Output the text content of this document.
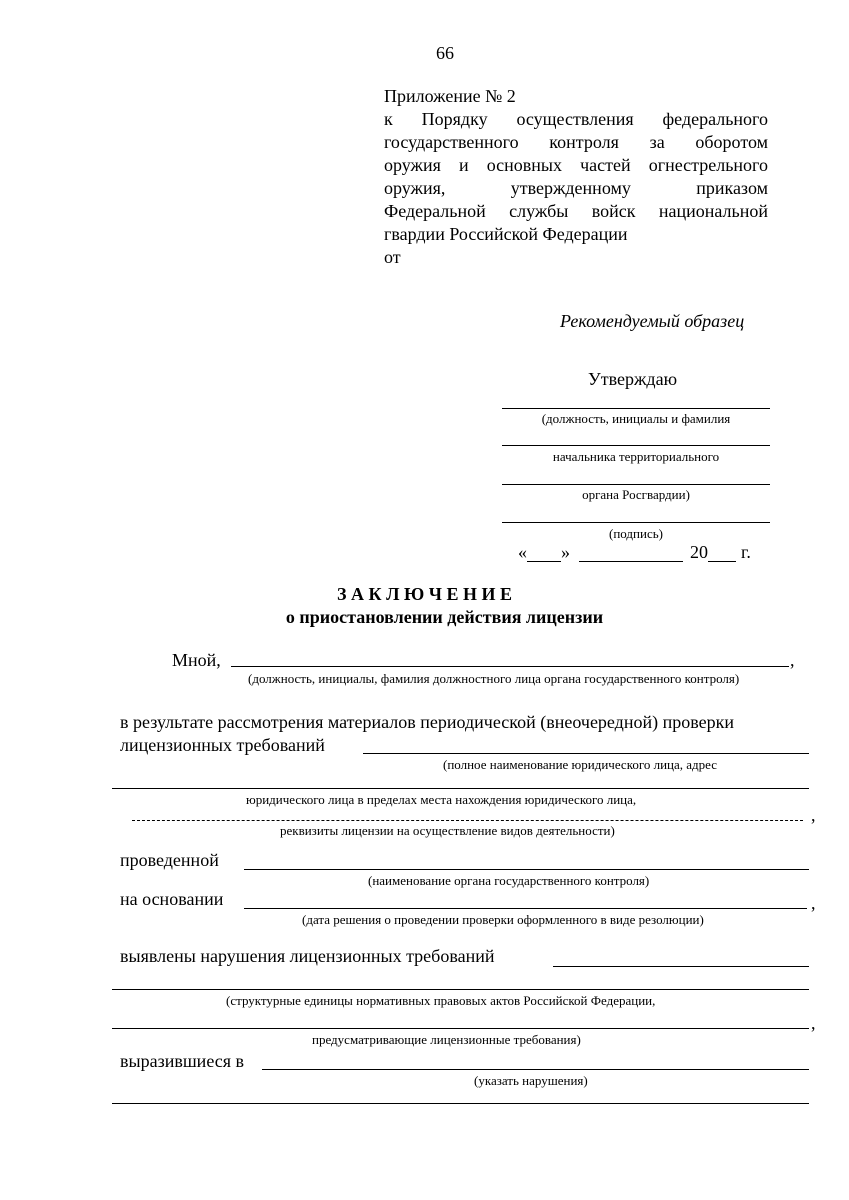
66
Приложение № 2
к Порядку осуществления федерального
государственного контроля за оборотом
оружия и основных частей огнестрельного
оружия, утвержденному приказом
Федеральной службы войск национальной
гвардии Российской Федерации
от
Рекомендуемый образец
Утверждаю
(должность, инициалы и фамилия
начальника территориального
органа Росгвардии)
(подпись)
« »	20 г.
З А К Л Ю Ч Е Н И Е
о приостановлении действия лицензии
Мной,	,
(должность, инициалы, фамилия должностного лица органа государственного контроля)
в результате рассмотрения материалов периодической (внеочередной) проверки
лицензионных требований
(полное наименование юридического лица, адрес
юридического лица в пределах места нахождения юридического лица,
,
реквизиты лицензии на осуществление видов деятельности)
проведенной
(наименование органа государственного контроля)
на основании	,
(дата решения о проведении проверки оформленного в виде резолюции)
выявлены нарушения лицензионных требований
(структурные единицы нормативных правовых актов Российской Федерации,
,
предусматривающие лицензионные требования)
выразившиеся в
(указать нарушения)
